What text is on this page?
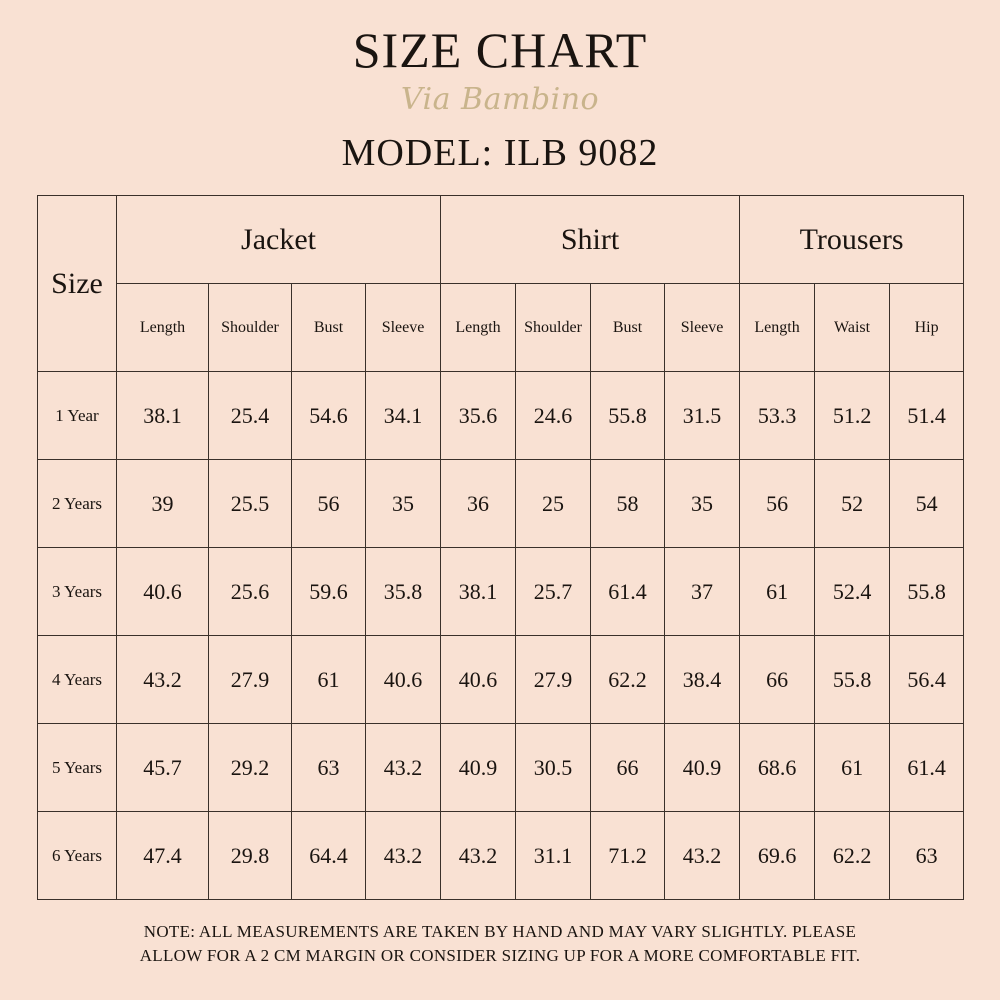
SIZE CHART
Via Bambino
MODEL: ILB 9082
Size	Jacket				Shirt				Trousers		
	Length	Shoulder	Bust	Sleeve	Length	Shoulder	Bust	Sleeve	Length	Waist	Hip
1 Year	38.1	25.4	54.6	34.1	35.6	24.6	55.8	31.5	53.3	51.2	51.4
2 Years	39	25.5	56	35	36	25	58	35	56	52	54
3 Years	40.6	25.6	59.6	35.8	38.1	25.7	61.4	37	61	52.4	55.8
4 Years	43.2	27.9	61	40.6	40.6	27.9	62.2	38.4	66	55.8	56.4
5 Years	45.7	29.2	63	43.2	40.9	30.5	66	40.9	68.6	61	61.4
6 Years	47.4	29.8	64.4	43.2	43.2	31.1	71.2	43.2	69.6	62.2	63
NOTE: ALL MEASUREMENTS ARE TAKEN BY HAND AND MAY VARY SLIGHTLY. PLEASE
ALLOW FOR A 2 CM MARGIN OR CONSIDER SIZING UP FOR A MORE COMFORTABLE FIT.
